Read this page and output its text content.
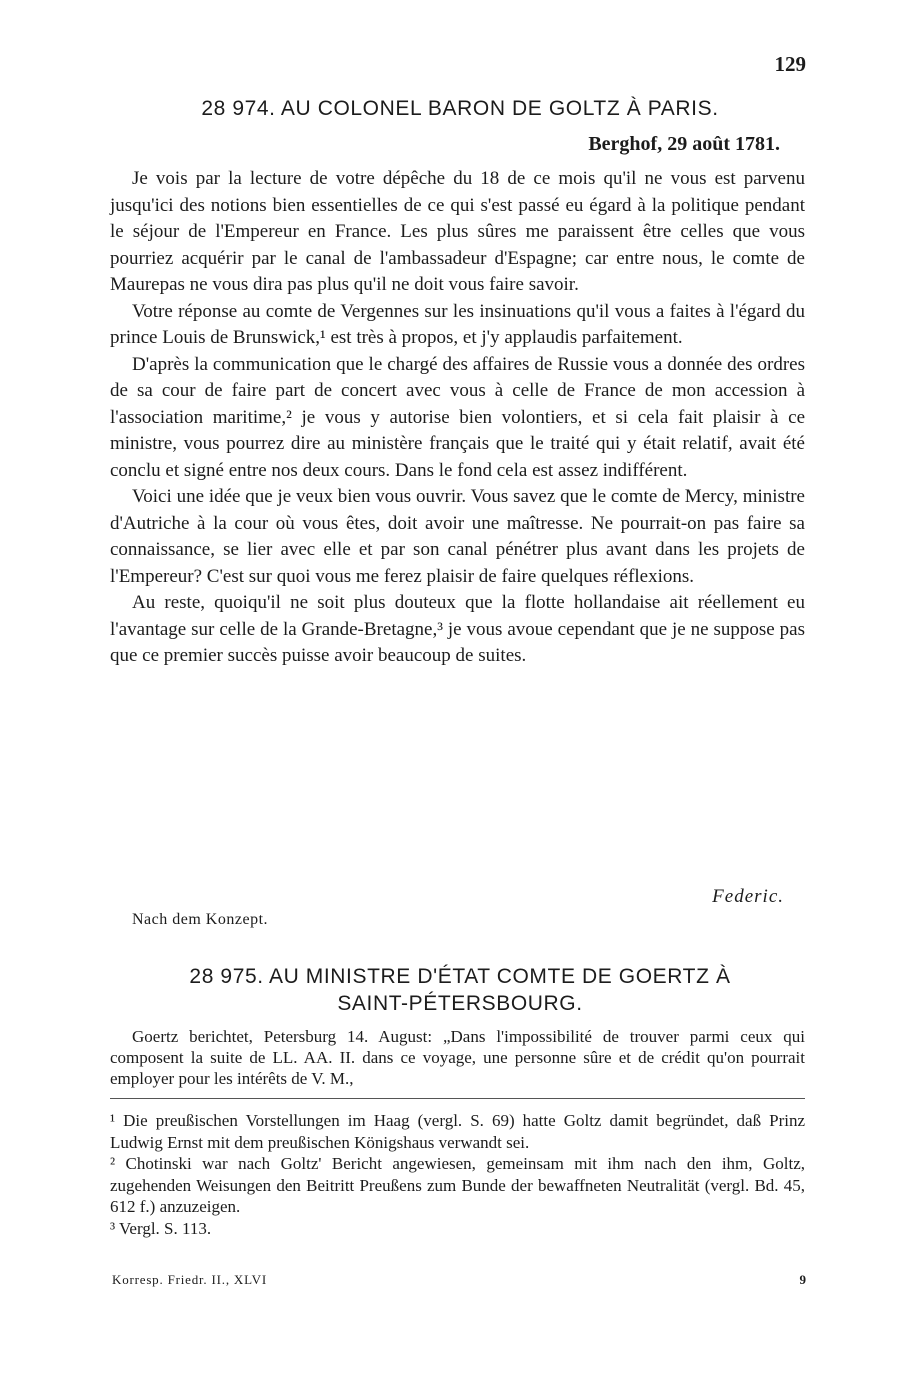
129
28 974. AU COLONEL BARON DE GOLTZ À PARIS.
Berghof, 29 août 1781.

Je vois par la lecture de votre dépêche du 18 de ce mois qu'il ne vous est parvenu jusqu'ici des notions bien essentielles de ce qui s'est passé eu égard à la politique pendant le séjour de l'Empereur en France. Les plus sûres me paraissent être celles que vous pourriez acquérir par le canal de l'ambassadeur d'Espagne; car entre nous, le comte de Maurepas ne vous dira pas plus qu'il ne doit vous faire savoir.

Votre réponse au comte de Vergennes sur les insinuations qu'il vous a faites à l'égard du prince Louis de Brunswick,¹ est très à propos, et j'y applaudis parfaitement.

D'après la communication que le chargé des affaires de Russie vous a donnée des ordres de sa cour de faire part de concert avec vous à celle de France de mon accession à l'association maritime,² je vous y autorise bien volontiers, et si cela fait plaisir à ce ministre, vous pourrez dire au ministère français que le traité qui y était relatif, avait été conclu et signé entre nos deux cours. Dans le fond cela est assez indifférent.

Voici une idée que je veux bien vous ouvrir. Vous savez que le comte de Mercy, ministre d'Autriche à la cour où vous êtes, doit avoir une maîtresse. Ne pourrait-on pas faire sa connaissance, se lier avec elle et par son canal pénétrer plus avant dans les projets de l'Empereur? C'est sur quoi vous me ferez plaisir de faire quelques réflexions.

Au reste, quoiqu'il ne soit plus douteux que la flotte hollandaise ait réellement eu l'avantage sur celle de la Grande-Bretagne,³ je vous avoue cependant que je ne suppose pas que ce premier succès puisse avoir beaucoup de suites.

Federic.
Nach dem Konzept.
28 975. AU MINISTRE D'ÉTAT COMTE DE GOERTZ À
SAINT-PÉTERSBOURG.
Goertz berichtet, Petersburg 14. August: „Dans l'impossibilité de trouver parmi ceux qui composent la suite de LL. AA. II. dans ce voyage, une personne sûre et de crédit qu'on pourrait employer pour les intérêts de V. M.,

¹ Die preußischen Vorstellungen im Haag (vergl. S. 69) hatte Goltz damit begründet, daß Prinz Ludwig Ernst mit dem preußischen Königshaus verwandt sei.

² Chotinski war nach Goltz' Bericht angewiesen, gemeinsam mit ihm nach den ihm, Goltz, zugehenden Weisungen den Beitritt Preußens zum Bunde der bewaffneten Neutralität (vergl. Bd. 45, 612 f.) anzuzeigen.

³ Vergl. S. 113.

Korresp. Friedr. II., XLVI	9
